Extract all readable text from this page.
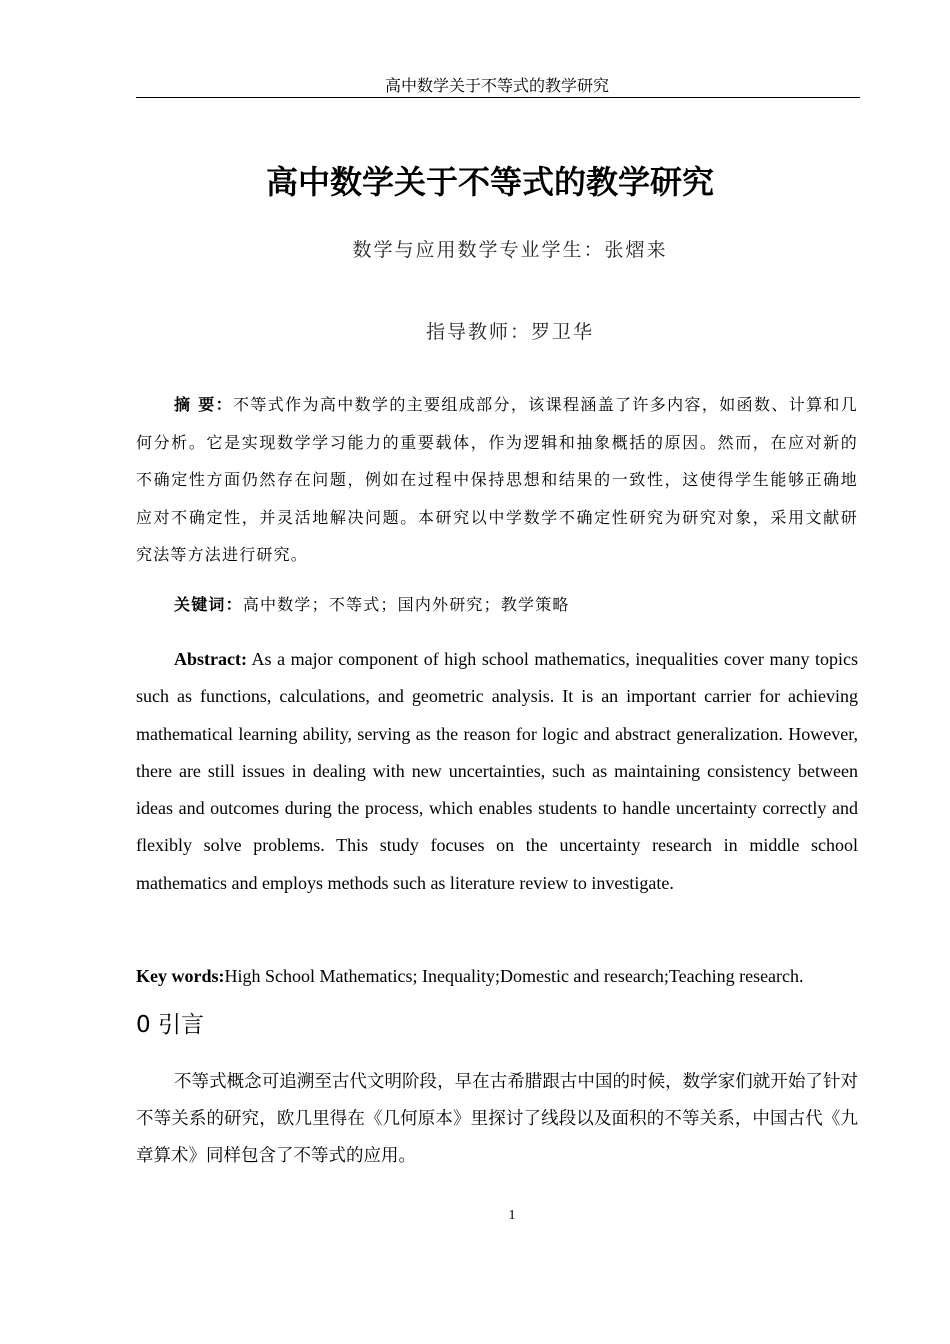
高中数学关于不等式的教学研究
高中数学关于不等式的教学研究
数学与应用数学专业学生：张熠来
指导教师：罗卫华

摘 要：不等式作为高中数学的主要组成部分，该课程涵盖了许多内容，如函数、计算和几何分析。它是实现数学学习能力的重要载体，作为逻辑和抽象概括的原因。然而，在应对新的不确定性方面仍然存在问题，例如在过程中保持思想和结果的一致性，这使得学生能够正确地应对不确定性，并灵活地解决问题。本研究以中学数学不确定性研究为研究对象，采用文献研究法等方法进行研究。

关键词：高中数学；不等式；国内外研究；教学策略

Abstract: As a major component of high school mathematics, inequalities cover many topics such as functions, calculations, and geometric analysis. It is an important carrier for achieving mathematical learning ability, serving as the reason for logic and abstract generalization. However, there are still issues in dealing with new uncertainties, such as maintaining consistency between ideas and outcomes during the process, which enables students to handle uncertainty correctly and flexibly solve problems. This study focuses on the uncertainty research in middle school mathematics and employs methods such as literature review to investigate.

Key words:High School Mathematics; Inequality;Domestic and research;Teaching research.

0 引言

不等式概念可追溯至古代文明阶段，早在古希腊跟古中国的时候，数学家们就开始了针对不等关系的研究，欧几里得在《几何原本》里探讨了线段以及面积的不等关系，中国古代《九章算术》同样包含了不等式的应用。

1
